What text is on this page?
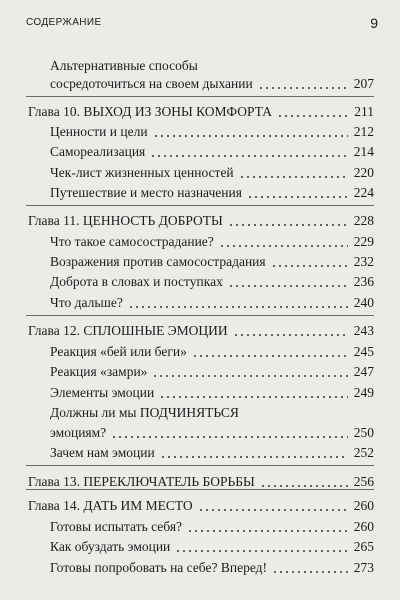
СОДЕРЖАНИЕ	9
Альтернативные способы
сосредоточиться на своем дыхании	207
Глава 10. ВЫХОД ИЗ ЗОНЫ КОМФОРТА	211
Ценности и цели	212
Самореализация	214
Чек-лист жизненных ценностей	220
Путешествие и место назначения	224
Глава 11. ЦЕННОСТЬ ДОБРОТЫ	228
Что такое самосострадание?	229
Возражения против самосострадания	232
Доброта в словах и поступках	236
Что дальше?	240
Глава 12. СПЛОШНЫЕ ЭМОЦИИ	243
Реакция «бей или беги»	245
Реакция «замри»	247
Элементы эмоции	249
Должны ли мы ПОДЧИНЯТЬСЯ
эмоциям?	250
Зачем нам эмоции	252
Глава 13. ПЕРЕКЛЮЧАТЕЛЬ БОРЬБЫ	256
Глава 14. ДАТЬ ИМ МЕСТО	260
Готовы испытать себя?	260
Как обуздать эмоции	265
Готовы попробовать на себе? Вперед!	273
